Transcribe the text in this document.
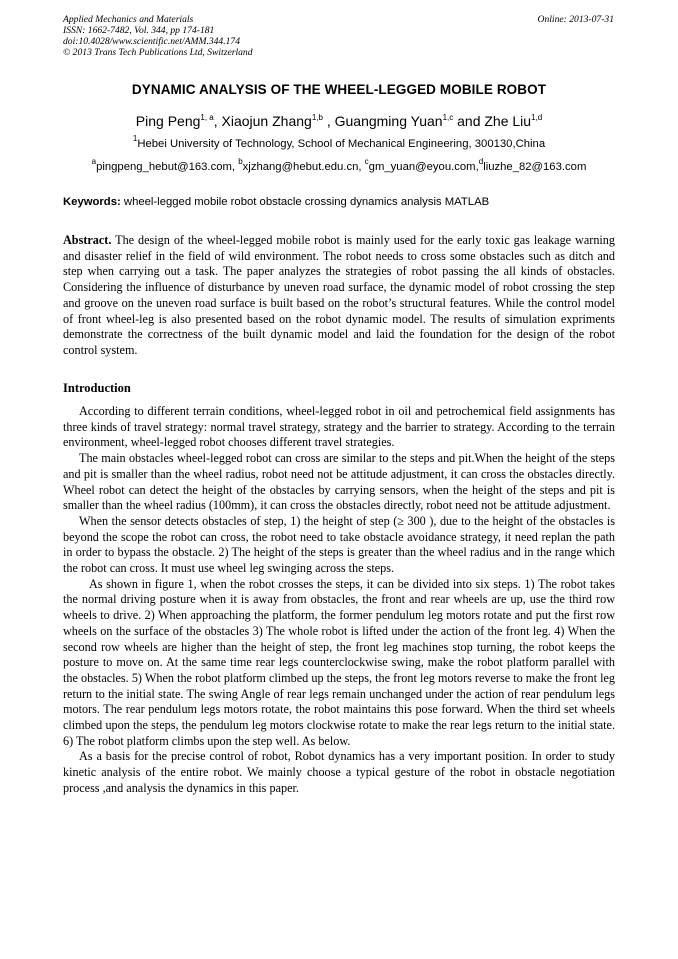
Applied Mechanics and Materials
ISSN: 1662-7482, Vol. 344, pp 174-181
doi:10.4028/www.scientific.net/AMM.344.174
© 2013 Trans Tech Publications Ltd, Switzerland
Online: 2013-07-31
DYNAMIC ANALYSIS OF THE WHEEL-LEGGED MOBILE ROBOT
Ping Peng$^{1, a}$, Xiaojun Zhang$^{1,b}$ , Guangming Yuan$^{1,c}$ and Zhe Liu$^{1,d}$
$^1$Hebei University of Technology, School of Mechanical Engineering, 300130,China
$^a$pingpeng_hebut@163.com, $^b$xjzhang@hebut.edu.cn, $^c$gm_yuan@eyou.com,$^d$liuzhe_82@163.com
Keywords: wheel-legged mobile robot obstacle crossing dynamics analysis MATLAB

Abstract. The design of the wheel-legged mobile robot is mainly used for the early toxic gas leakage warning and disaster relief in the field of wild environment. The robot needs to cross some obstacles such as ditch and step when carrying out a task. The paper analyzes the strategies of robot passing the all kinds of obstacles. Considering the influence of disturbance by uneven road surface, the dynamic model of robot crossing the step and groove on the uneven road surface is built based on the robot’s structural features. While the control model of front wheel-leg is also presented based on the robot dynamic model. The results of simulation expriments demonstrate the correctness of the built dynamic model and laid the foundation for the design of the robot control system.

Introduction

According to different terrain conditions, wheel-legged robot in oil and petrochemical field assignments has three kinds of travel strategy: normal travel strategy, strategy and the barrier to strategy. According to the terrain environment, wheel-legged robot chooses different travel strategies.

The main obstacles wheel-legged robot can cross are similar to the steps and pit.When the height of the steps and pit is smaller than the wheel radius, robot need not be attitude adjustment, it can cross the obstacles directly. Wheel robot can detect the height of the obstacles by carrying sensors, when the height of the steps and pit is smaller than the wheel radius (100mm), it can cross the obstacles directly, robot need not be attitude adjustment.

When the sensor detects obstacles of step, 1) the height of step (≥ 300 ), due to the height of the obstacles is beyond the scope the robot can cross, the robot need to take obstacle avoidance strategy, it need replan the path in order to bypass the obstacle. 2) The height of the steps is greater than the wheel radius and in the range which the robot can cross. It must use wheel leg swinging across the steps.

As shown in figure 1, when the robot crosses the steps, it can be divided into six steps. 1) The robot takes the normal driving posture when it is away from obstacles, the front and rear wheels are up, use the third row wheels to drive. 2) When approaching the platform, the former pendulum leg motors rotate and put the first row wheels on the surface of the obstacles 3) The whole robot is lifted under the action of the front leg. 4) When the second row wheels are higher than the height of step, the front leg machines stop turning, the robot keeps the posture to move on. At the same time rear legs counterclockwise swing, make the robot platform parallel with the obstacles. 5) When the robot platform climbed up the steps, the front leg motors reverse to make the front leg return to the initial state. The swing Angle of rear legs remain unchanged under the action of rear pendulum legs motors. The rear pendulum legs motors rotate, the robot maintains this pose forward. When the third set wheels climbed upon the steps, the pendulum leg motors clockwise rotate to make the rear legs return to the initial state. 6) The robot platform climbs upon the step well. As below.

As a basis for the precise control of robot, Robot dynamics has a very important position. In order to study kinetic analysis of the entire robot. We mainly choose a typical gesture of the robot in obstacle negotiation process ,and analysis the dynamics in this paper.
